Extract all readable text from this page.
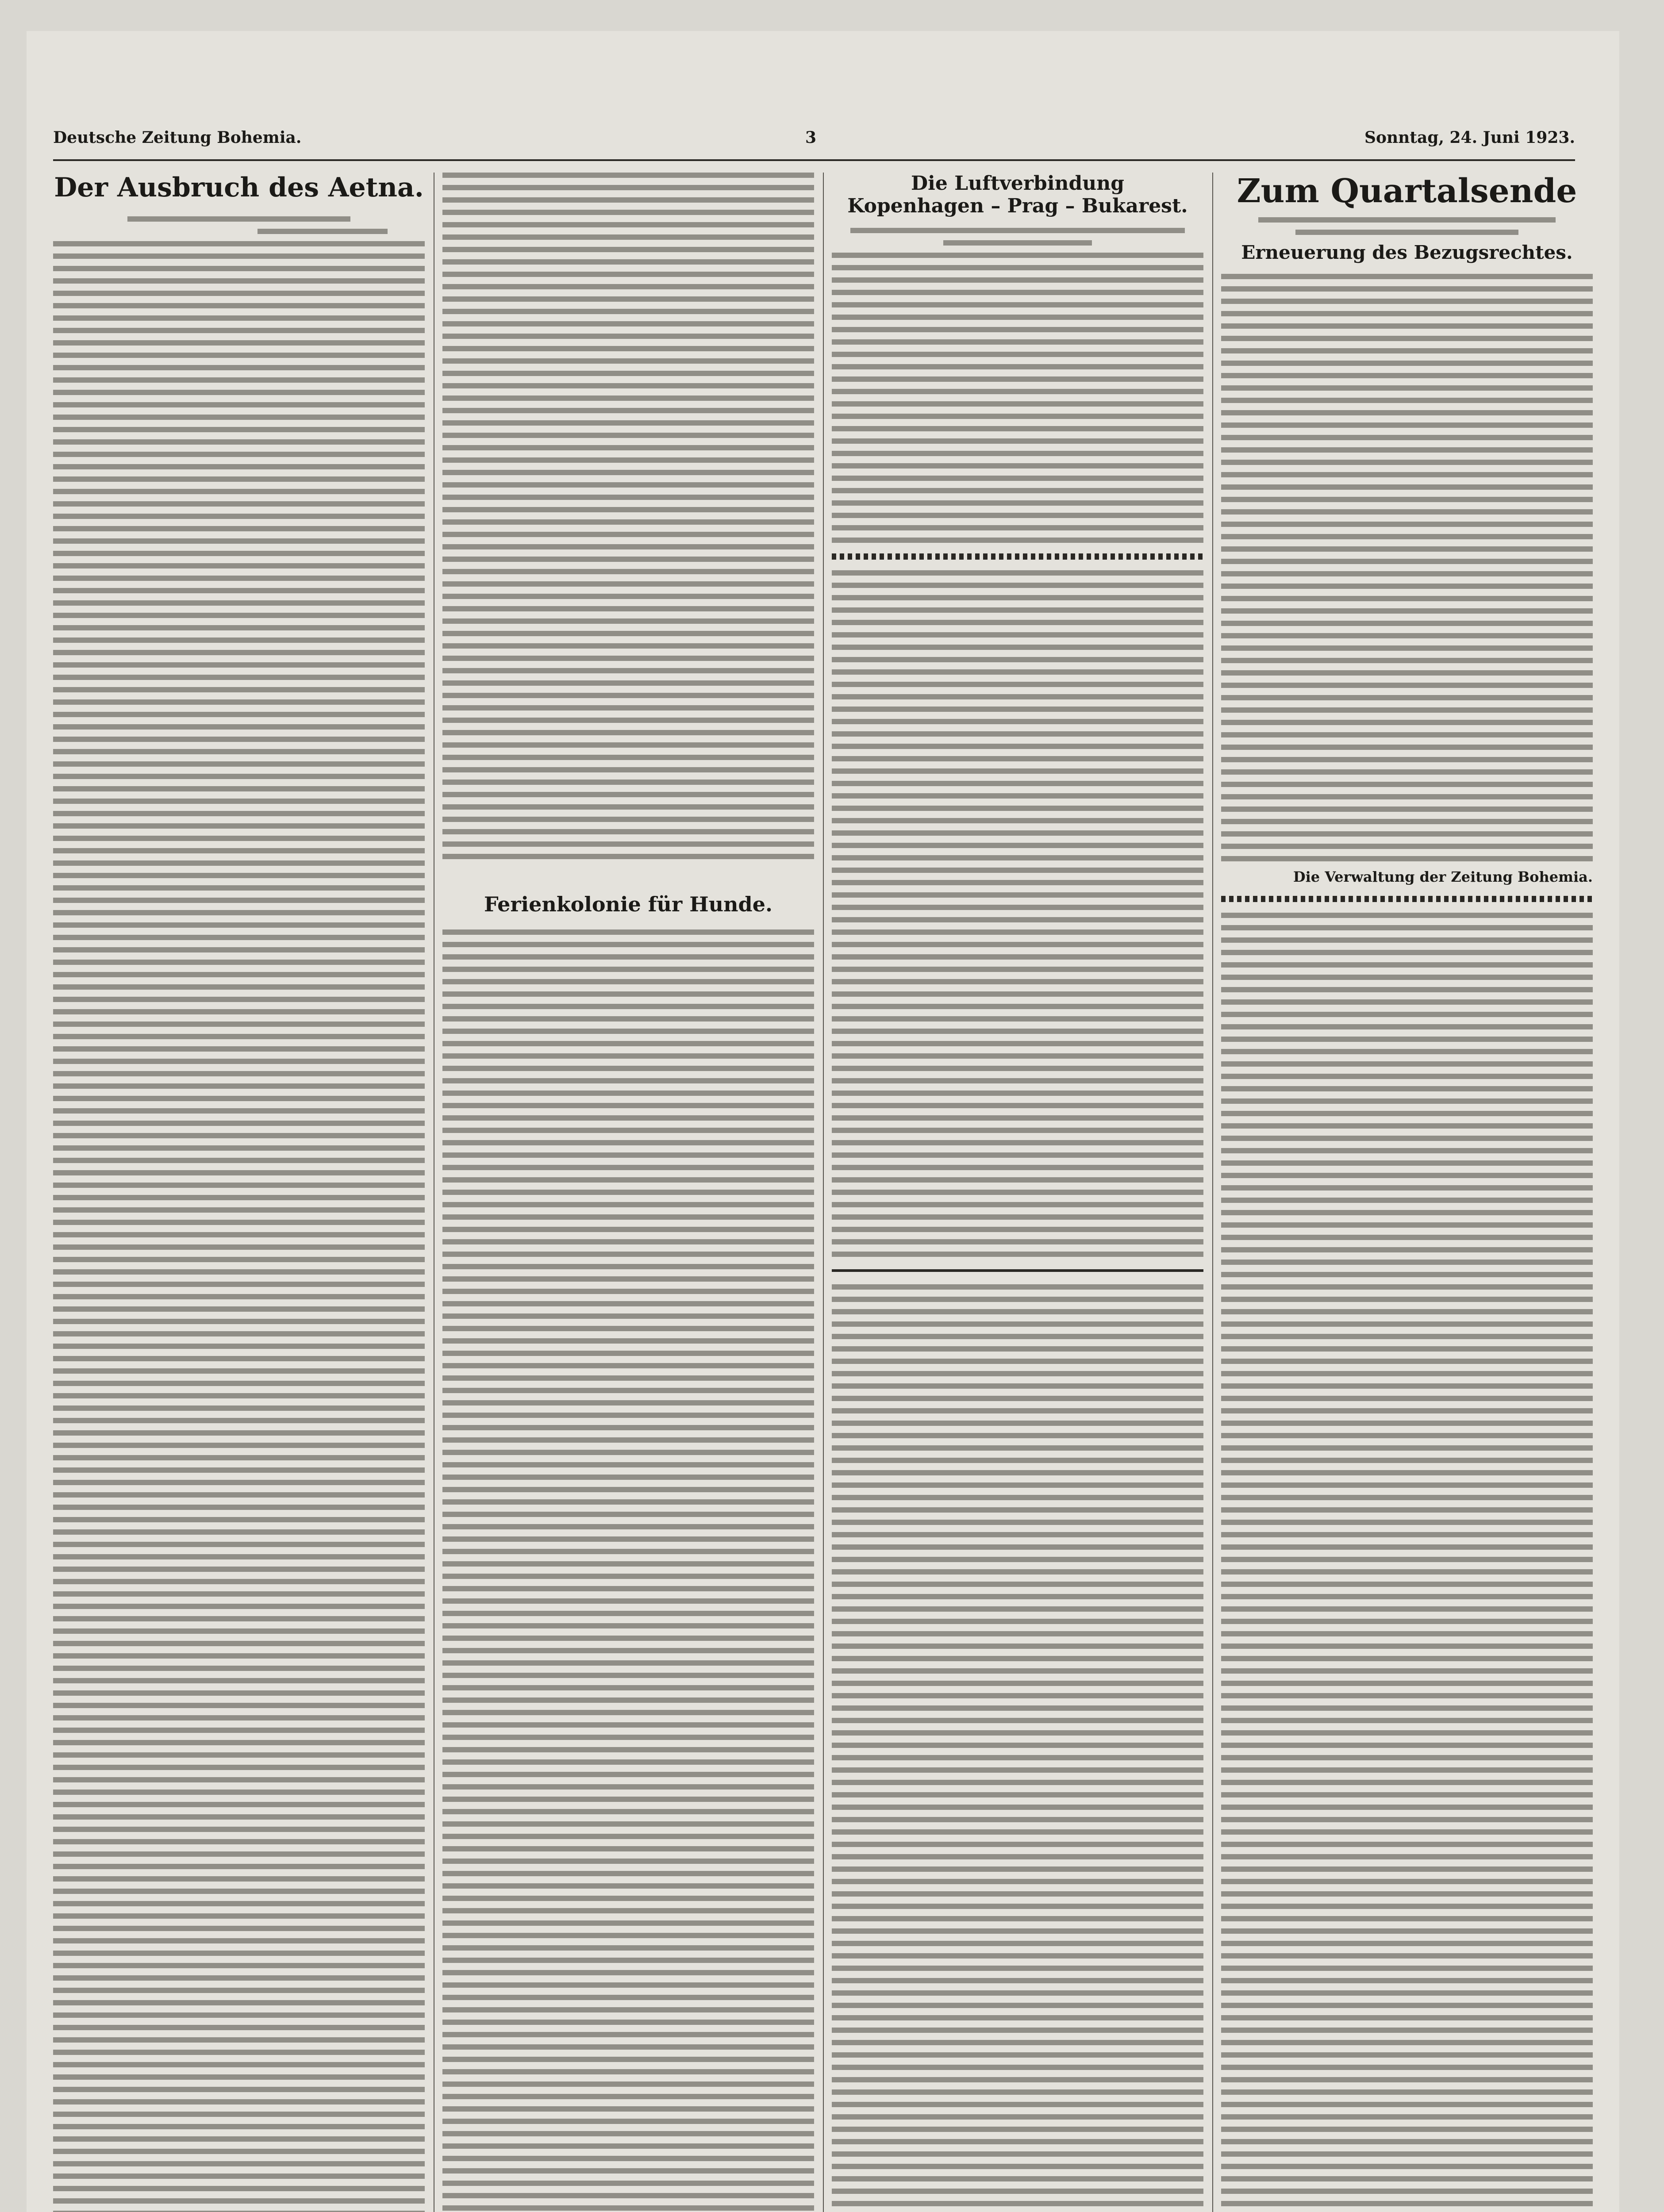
Deutsche Zeitung Bohemia.	3	Sonntag, 24. Juni 1923.
Der Ausbruch des Aetna.
Ferienkolonie für Hunde.
Die Luftverbindung
Kopenhagen – Prag – Bukarest.	Zum Quartalsende
Erneuerung des Bezugsrechtes.
Die Verwaltung der Zeitung Bohemia.
